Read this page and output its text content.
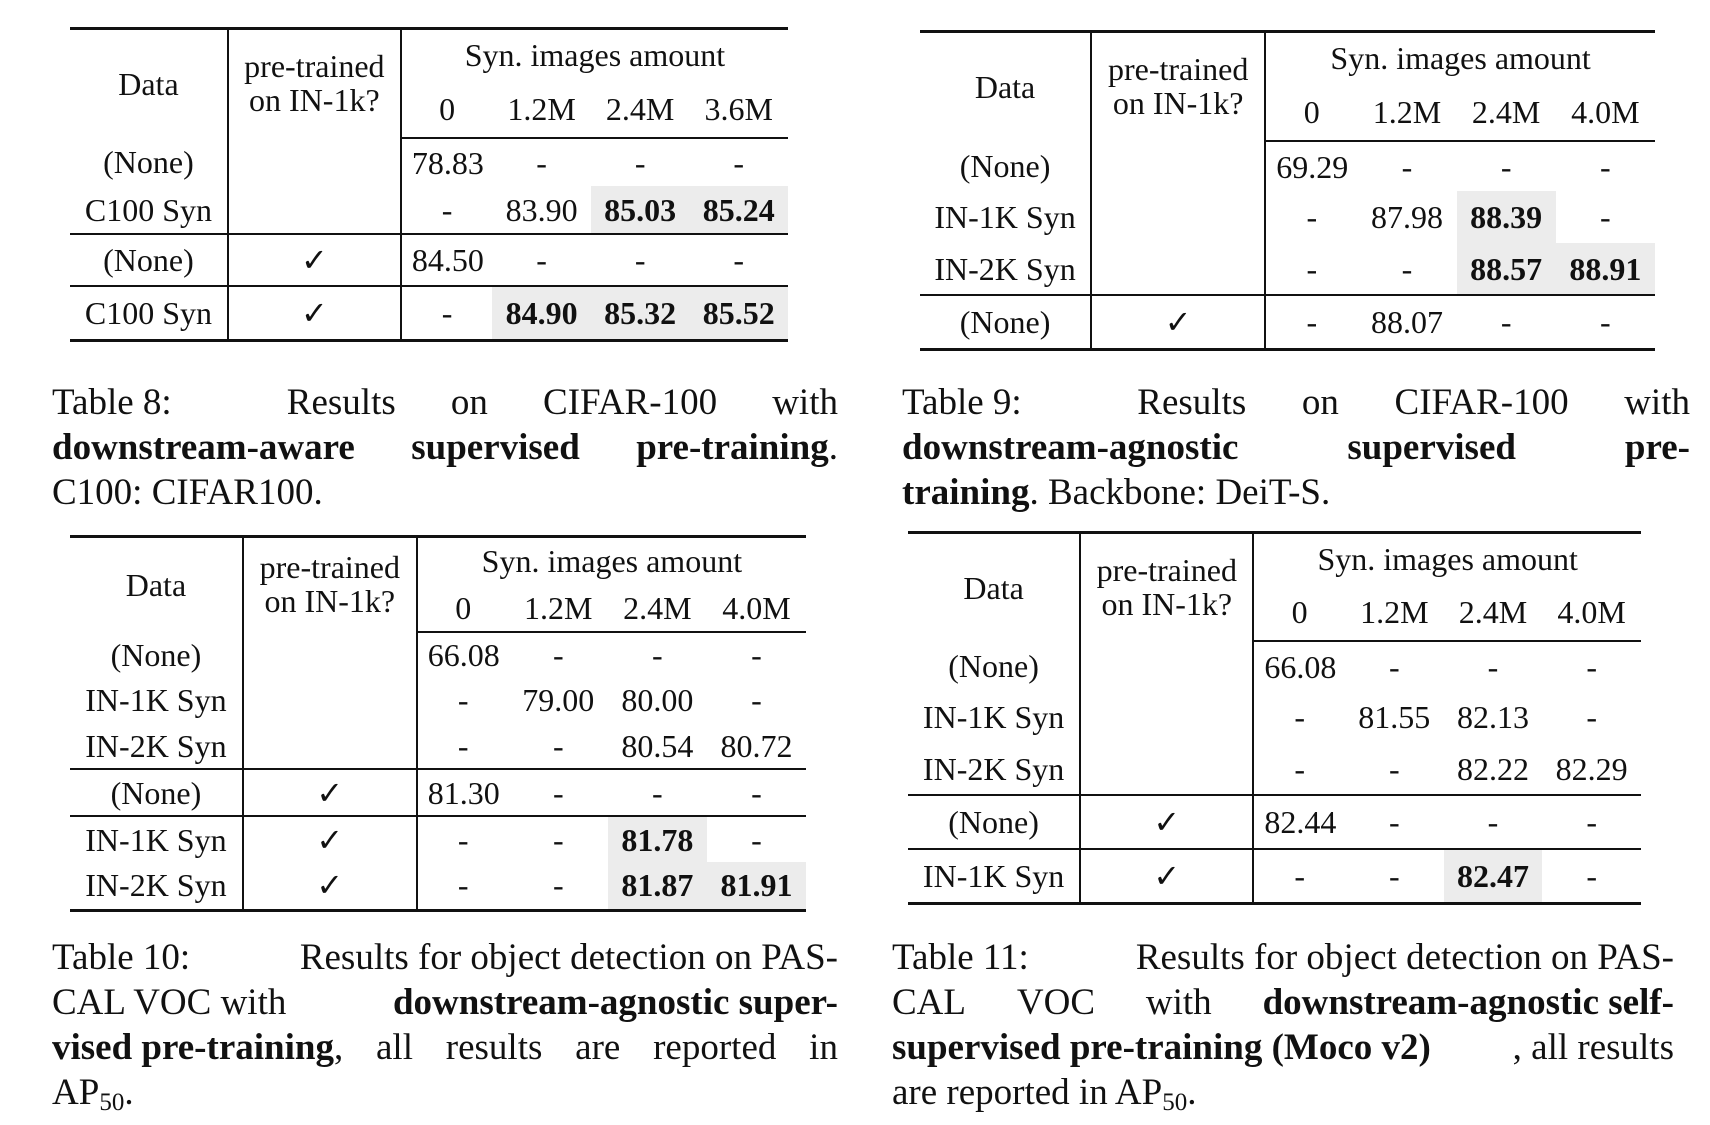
Data	pre-trained
on IN-1k?	Syn. images amount			
		0	1.2M	2.4M	3.6M
(None)		78.83	-	-	-
C100 Syn		-	83.90	85.03	85.24
(None)	✓	84.50	-	-	-
C100 Syn	✓	-	84.90	85.32	85.52
Table 8:	Results on CIFAR-100 with
downstream-aware supervised pre-training. C100: CIFAR100.
Data	pre-trained
on IN-1k?	Syn. images amount			
		0	1.2M	2.4M	4.0M
(None)		69.29	-	-	-
IN-1K Syn		-	87.98	88.39	-
IN-2K Syn		-	-	88.57	88.91
(None)	✓	-	88.07	-	-
Table 9:	Results on CIFAR-100 with
downstream-agnostic	supervised	pre-
training. Backbone: DeiT-S.
Data	pre-trained
on IN-1k?	Syn. images amount			
		0	1.2M	2.4M	4.0M
(None)		66.08	-	-	-
IN-1K Syn		-	79.00	80.00	-
IN-2K Syn		-	-	80.54	80.72
(None)	✓	81.30	-	-	-
IN-1K Syn	✓	-	-	81.78	-
IN-2K Syn	✓	-	-	81.87	81.91
Table 10:	Results for object detection on PAS-
CAL VOC with	downstream-agnostic super-
vised pre-training, all results are reported in
$AP_{50}$.
Data	pre-trained
on IN-1k?	Syn. images amount			
		0	1.2M	2.4M	4.0M
(None)		66.08	-	-	-
IN-1K Syn		-	81.55	82.13	-
IN-2K Syn		-	-	82.22	82.29
(None)	✓	82.44	-	-	-
IN-1K Syn	✓	-	-	82.47	-
Table 11:	Results for object detection on PAS-
CAL VOC with downstream-agnostic self-
supervised pre-training (Moco v2) , all results
are reported in $AP_{50}$.
